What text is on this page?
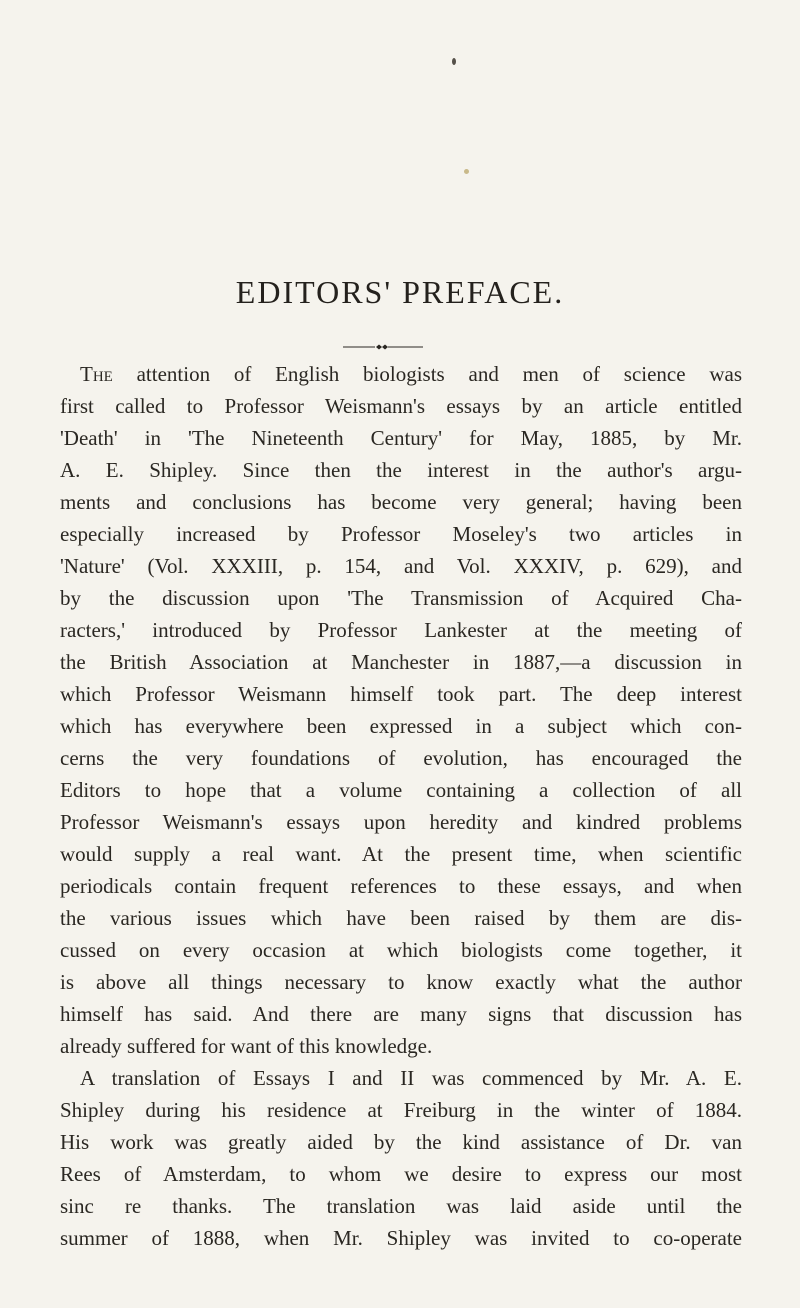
EDITORS' PREFACE.
The attention of English biologists and men of science was
first called to Professor Weismann's essays by an article entitled
'Death' in 'The Nineteenth Century' for May, 1885, by Mr.
A. E. Shipley. Since then the interest in the author's argu-
ments and conclusions has become very general; having been
especially increased by Professor Moseley's two articles in
'Nature' (Vol. XXXIII, p. 154, and Vol. XXXIV, p. 629), and
by the discussion upon 'The Transmission of Acquired Cha-
racters,' introduced by Professor Lankester at the meeting of
the British Association at Manchester in 1887,—a discussion in
which Professor Weismann himself took part. The deep interest
which has everywhere been expressed in a subject which con-
cerns the very foundations of evolution, has encouraged the
Editors to hope that a volume containing a collection of all
Professor Weismann's essays upon heredity and kindred problems
would supply a real want. At the present time, when scientific
periodicals contain frequent references to these essays, and when
the various issues which have been raised by them are dis-
cussed on every occasion at which biologists come together, it
is above all things necessary to know exactly what the author
himself has said. And there are many signs that discussion has
already suffered for want of this knowledge.
A translation of Essays I and II was commenced by Mr. A. E.
Shipley during his residence at Freiburg in the winter of 1884.
His work was greatly aided by the kind assistance of Dr. van
Rees of Amsterdam, to whom we desire to express our most
sinc re thanks. The translation was laid aside until the
summer of 1888, when Mr. Shipley was invited to co-operate
